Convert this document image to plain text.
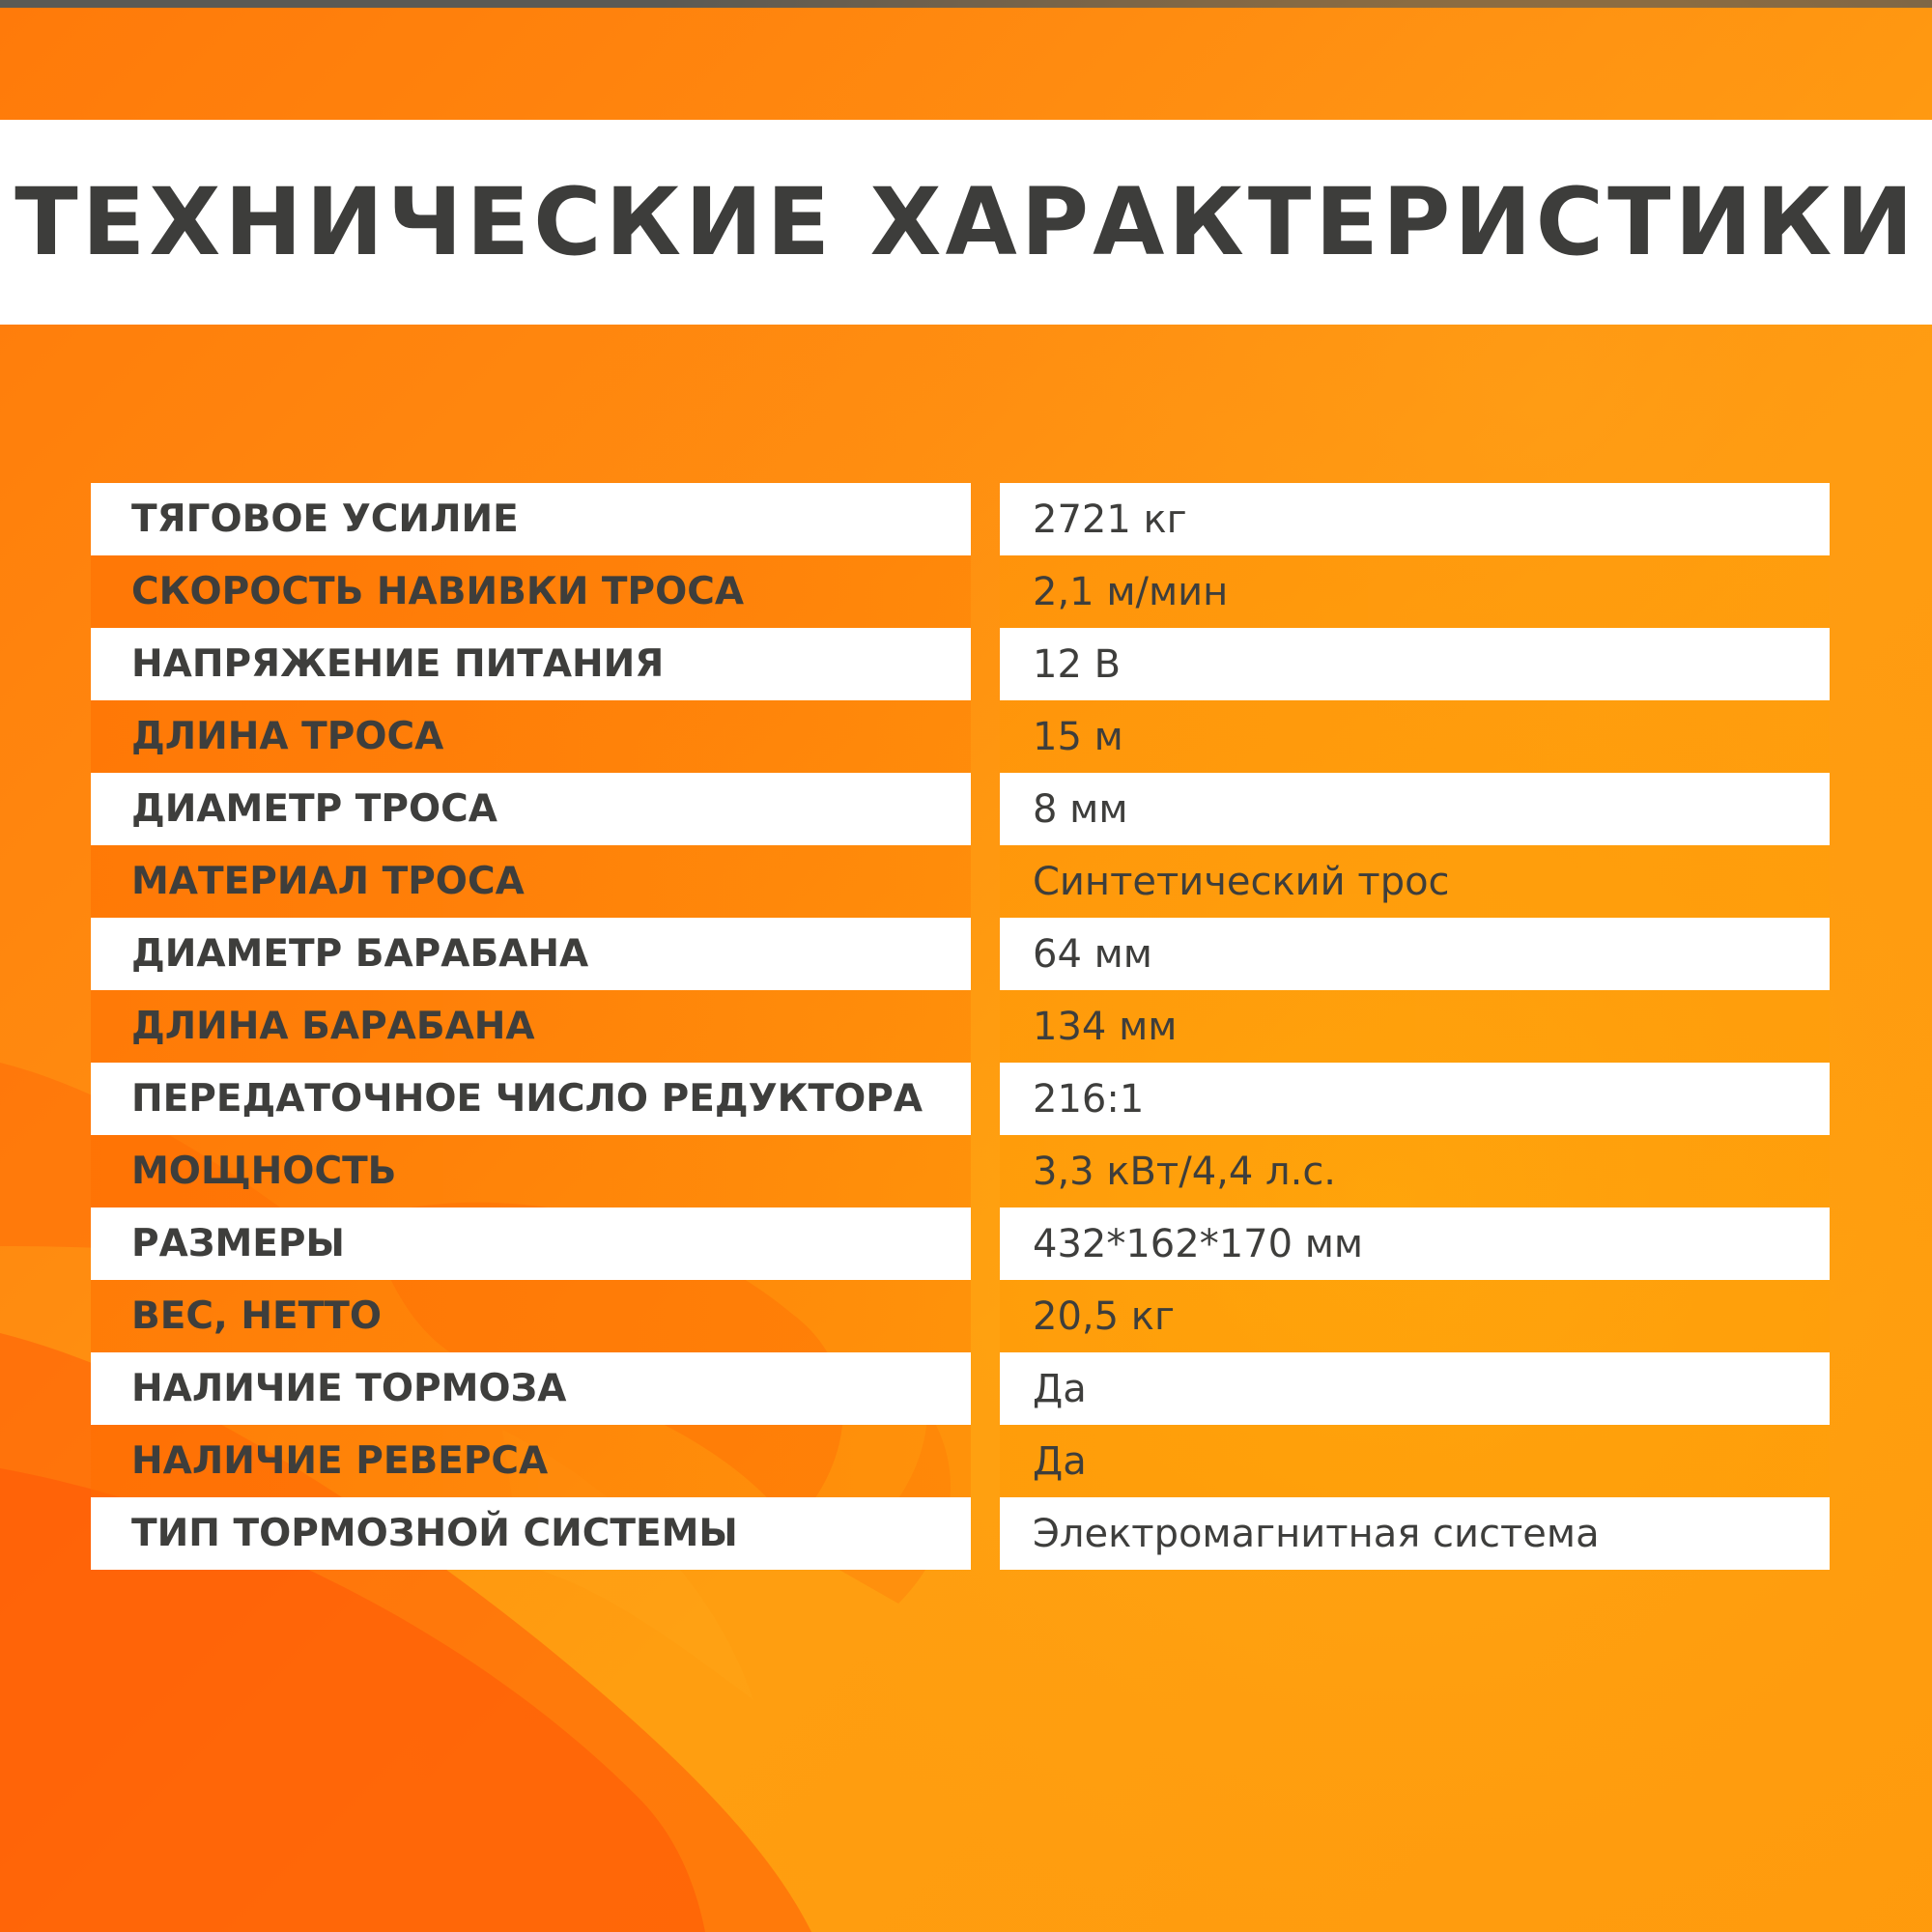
ТЕХНИЧЕСКИЕ ХАРАКТЕРИСТИКИ
ТЯГОВОЕ УСИЛИЕ	2721 кг
СКОРОСТЬ НАВИВКИ ТРОСА	2,1 м/мин
НАПРЯЖЕНИЕ ПИТАНИЯ	12 В
ДЛИНА ТРОСА	15 м
ДИАМЕТР ТРОСА	8 мм
МАТЕРИАЛ ТРОСА	Синтетический трос
ДИАМЕТР БАРАБАНА	64 мм
ДЛИНА БАРАБАНА	134 мм
ПЕРЕДАТОЧНОЕ ЧИСЛО РЕДУКТОРА	216:1
МОЩНОСТЬ	3,3 кВт/4,4 л.с.
РАЗМЕРЫ	432*162*170 мм
ВЕС, НЕТТО	20,5 кг
НАЛИЧИЕ ТОРМОЗА	Да
НАЛИЧИЕ РЕВЕРСА	Да
ТИП ТОРМОЗНОЙ СИСТЕМЫ	Электромагнитная система
